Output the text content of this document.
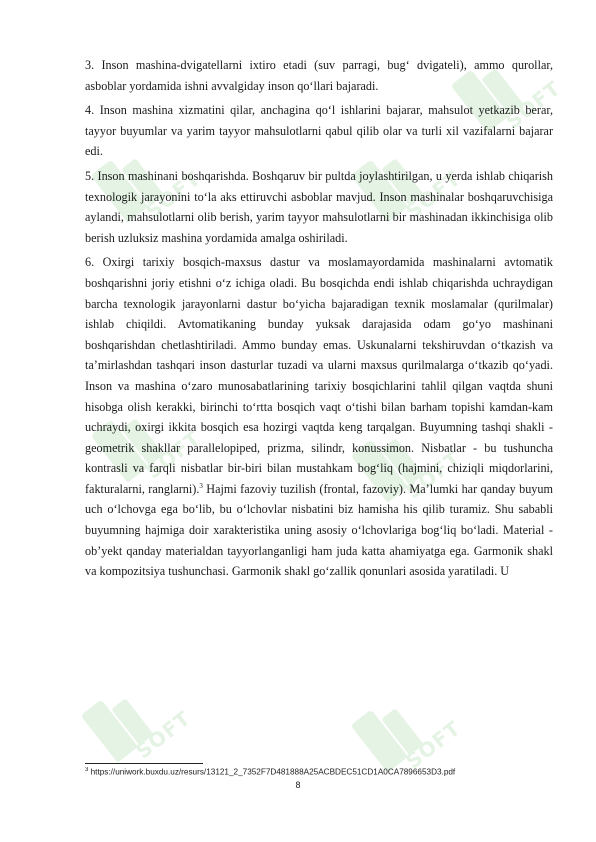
SOFT	SOFT
SOFT
SOFT	SOFT
SOFT	SOFT

3. Inson mashina-dvigatellarni ixtiro etadi (suv parragi, bugʻ dvigateli), ammo qurollar, asboblar yordamida ishni avvalgiday inson qoʻllari bajaradi.

4. Inson mashina xizmatini qilar, anchagina qoʻl ishlarini bajarar, mahsulot yetkazib berar, tayyor buyumlar va yarim tayyor mahsulotlarni qabul qilib olar va turli xil vazifalarni bajarar edi.

5. Inson mashinani boshqarishda. Boshqaruv bir pultda joylashtirilgan, u yerda ishlab chiqarish texnologik jarayonini toʻla aks ettiruvchi asboblar mavjud. Inson mashinalar boshqaruvchisiga aylandi, mahsulotlarni olib berish, yarim tayyor mahsulotlarni bir mashinadan ikkinchisiga olib berish uzluksiz mashina yordamida amalga oshiriladi.

6. Oxirgi tarixiy bosqich-maxsus dastur va moslamayordamida mashinalarni avtomatik boshqarishni joriy etishni oʻz ichiga oladi. Bu bosqichda endi ishlab chiqarishda uchraydigan barcha texnologik jarayonlarni dastur boʻyicha bajaradigan texnik moslamalar (qurilmalar) ishlab chiqildi. Avtomatikaning bunday yuksak darajasida odam goʻyo mashinani boshqarishdan chetlashtiriladi. Ammo bunday emas. Uskunalarni tekshiruvdan oʻtkazish va taʼmirlashdan tashqari inson dasturlar tuzadi va ularni maxsus qurilmalarga oʻtkazib qoʻyadi. Inson va mashina oʻzaro munosabatlarining tarixiy bosqichlarini tahlil qilgan vaqtda shuni hisobga olish kerakki, birinchi toʻrtta bosqich vaqt oʻtishi bilan barham topishi kamdan-kam uchraydi, oxirgi ikkita bosqich esa hozirgi vaqtda keng tarqalgan. Buyumning tashqi shakli - geometrik shakllar parallelopiped, prizma, silindr, konussimon. Nisbatlar - bu tushuncha kontrasli va farqli nisbatlar bir-biri bilan mustahkam bogʻliq (hajmini, chiziqli miqdorlarini, fakturalarni, ranglarni).$^3$ Hajmi fazoviy tuzilish (frontal, fazoviy). Maʼlumki har qanday buyum uch oʻlchovga ega boʻlib, bu oʻlchovlar nisbatini biz hamisha his qilib turamiz. Shu sababli buyumning hajmiga doir xarakteristika uning asosiy oʻlchovlariga bogʻliq boʻladi. Material - obʼyekt qanday materialdan tayyorlanganligi ham juda katta ahamiyatga ega. Garmonik shakl va kompozitsiya tushunchasi. Garmonik shakl goʻzallik qonunlari asosida yaratiladi. U

$^3$ https://uniwork.buxdu.uz/resurs/13121_2_7352F7D481888A25ACBDEC51CD1A0CA7896653D3.pdf
8
